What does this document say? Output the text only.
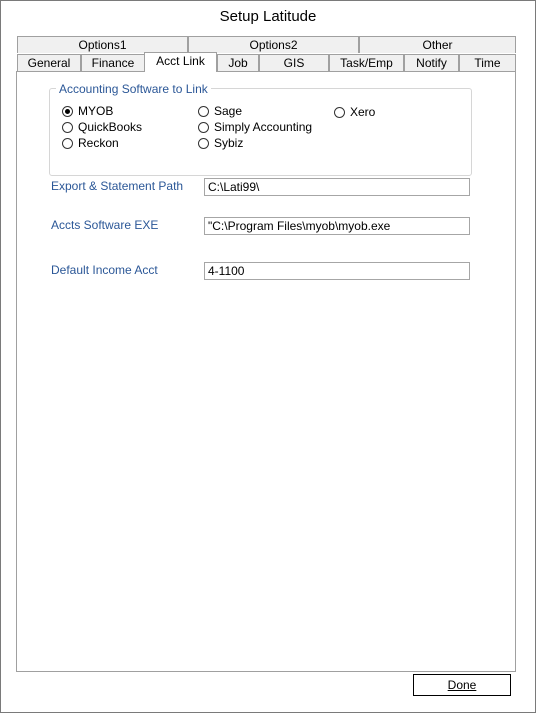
Setup Latitude
Options1	Options2	Other
General	Finance	Acct Link	Job	GIS	Task/Emp	Notify	Time
Accounting Software to Link
MYOB
QuickBooks
Reckon
Sage
Simply Accounting
Sybiz
Xero
Export & Statement Path	C:\Lati99\
Accts Software EXE	"C:\Program Files\myob\myob.exe
Default Income Acct	4-1100
Done
